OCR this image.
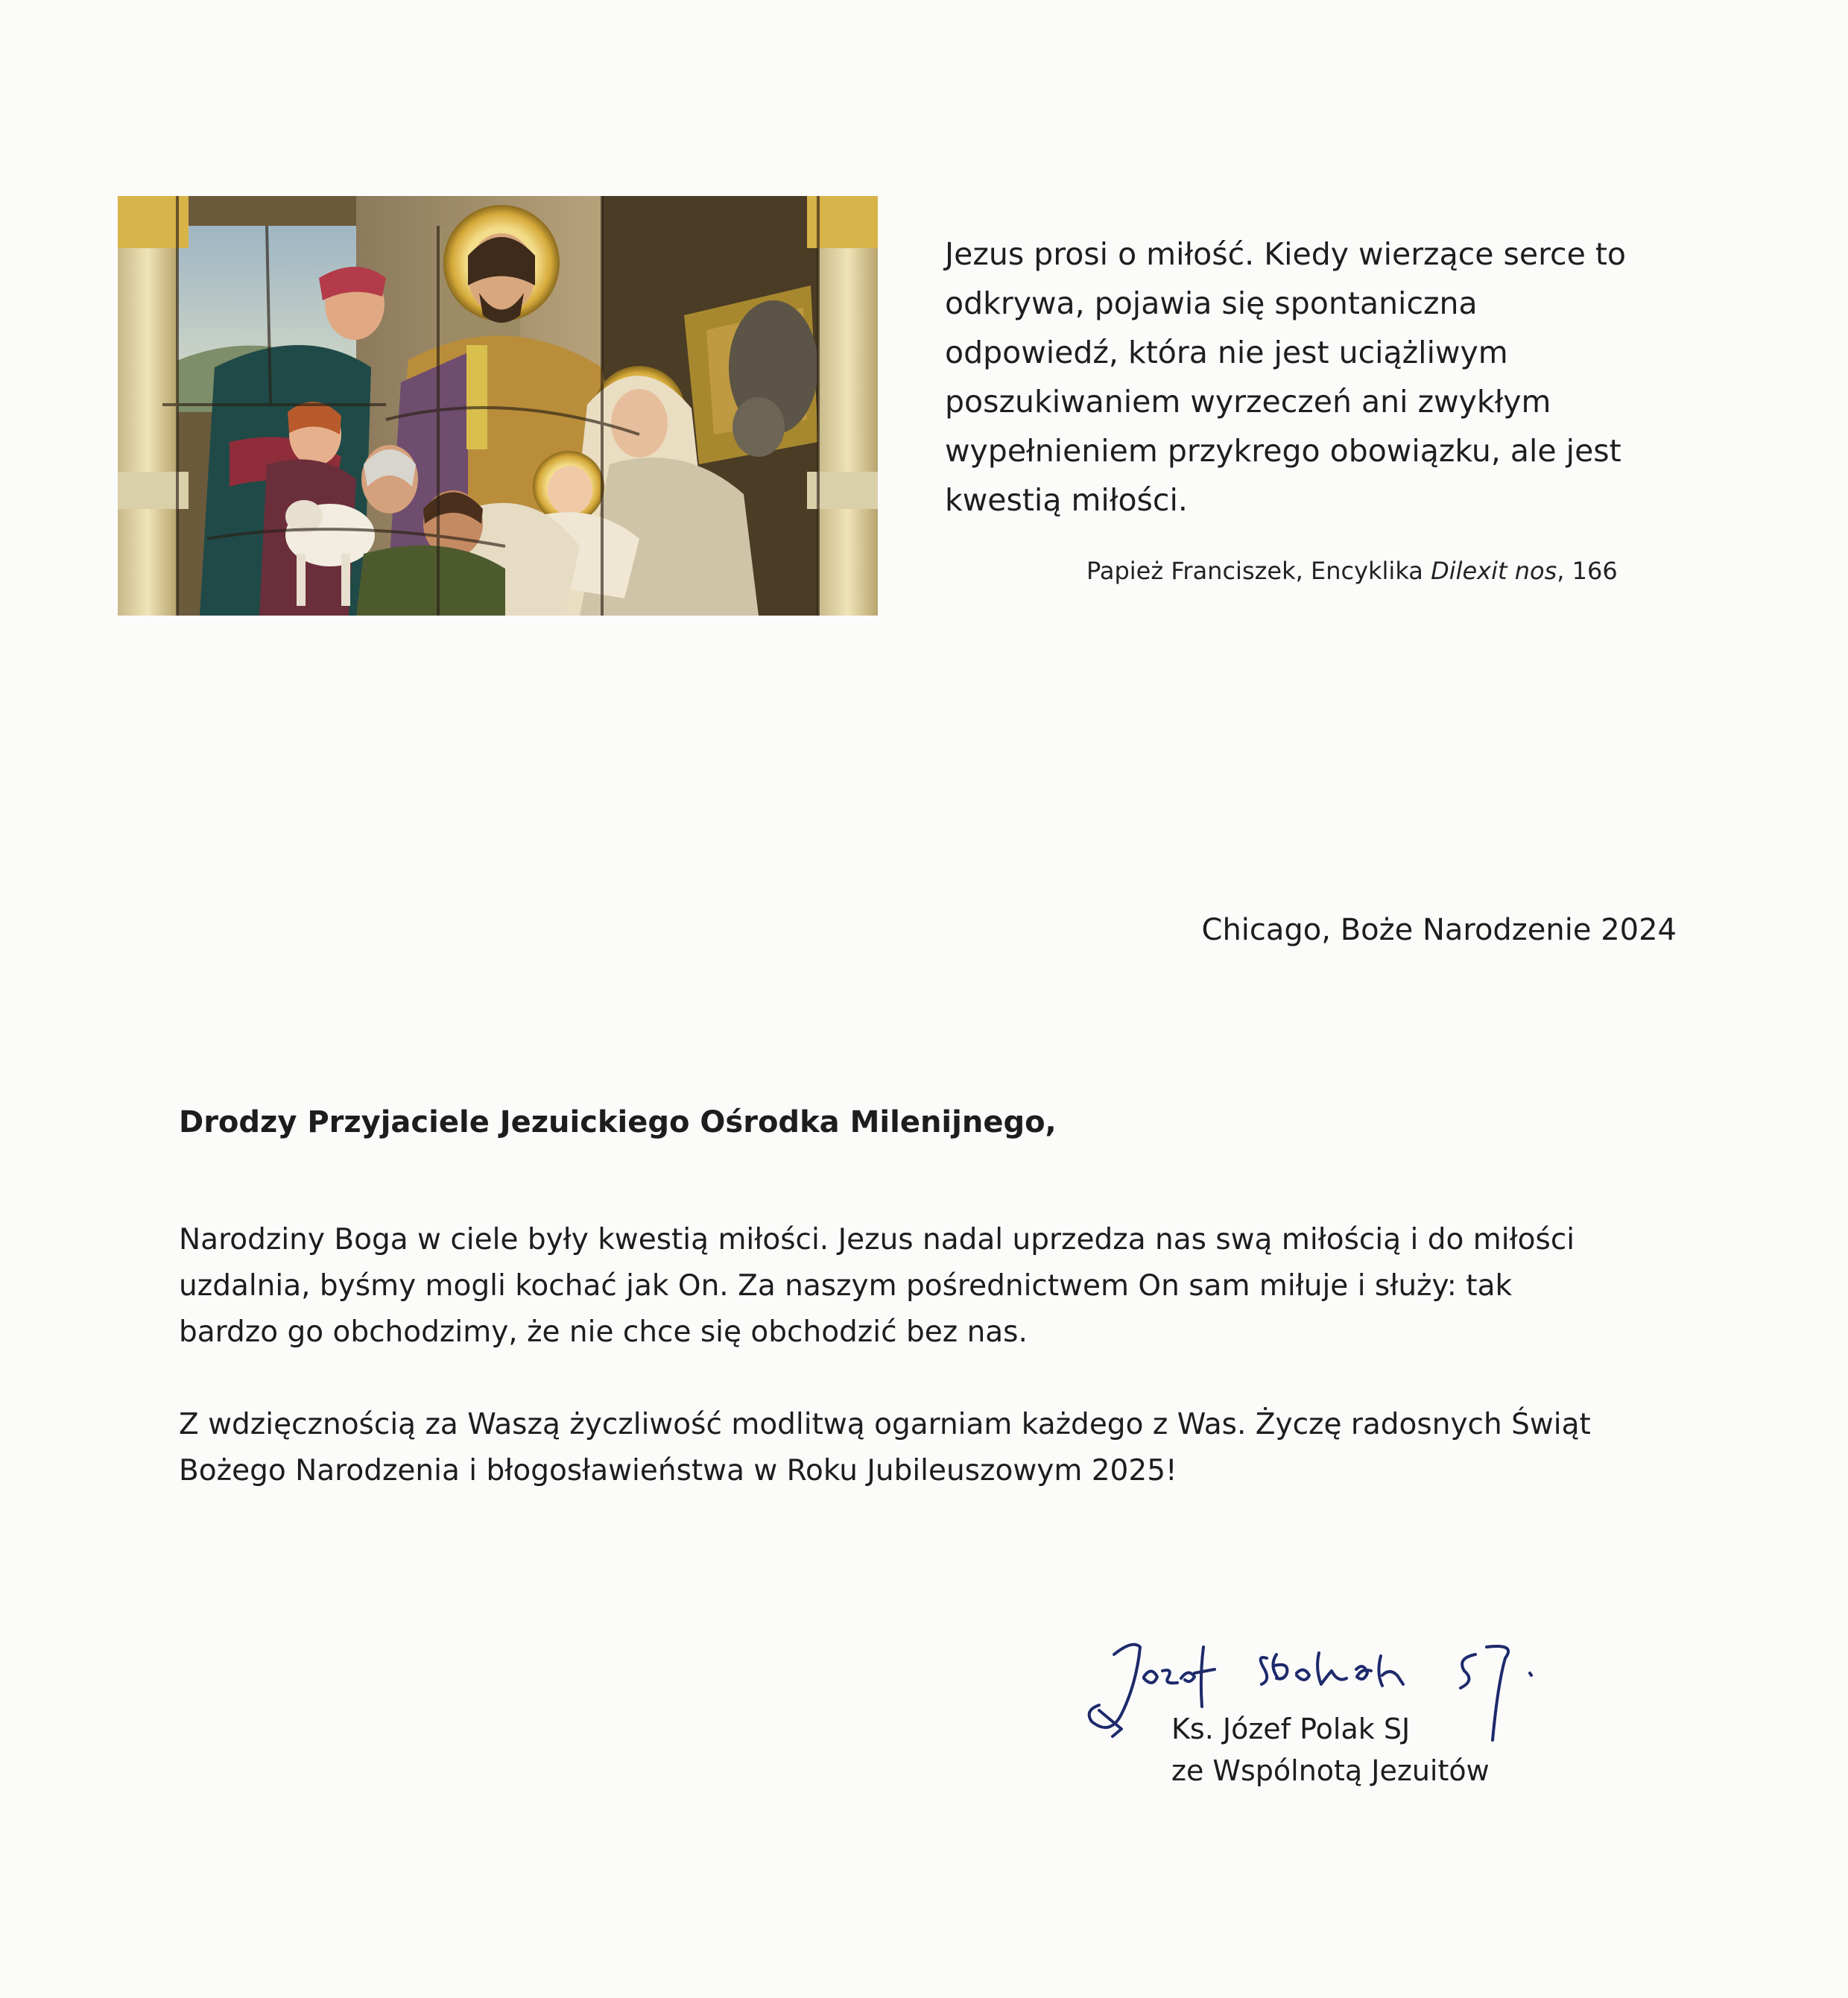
Jezus prosi o miłość. Kiedy wierzące serce to

odkrywa, pojawia się spontaniczna

odpowiedź, która nie jest uciążliwym

poszukiwaniem wyrzeczeń ani zwykłym

wypełnieniem przykrego obowiązku, ale jest

kwestią miłości.

Papież Franciszek, Encyklika Dilexit nos, 166
Chicago, Boże Narodzenie 2024
Drodzy Przyjaciele Jezuickiego Ośrodka Milenijnego,

Narodziny Boga w ciele były kwestią miłości. Jezus nadal uprzedza nas swą miłością i do miłości
uzdalnia, byśmy mogli kochać jak On. Za naszym pośrednictwem On sam miłuje i służy: tak
bardzo go obchodzimy, że nie chce się obchodzić bez nas.

Z wdzięcznością za Waszą życzliwość modlitwą ogarniam każdego z Was. Życzę radosnych Świąt
Bożego Narodzenia i błogosławieństwa w Roku Jubileuszowym 2025!

Ks. Józef Polak SJ
ze Wspólnotą Jezuitów
